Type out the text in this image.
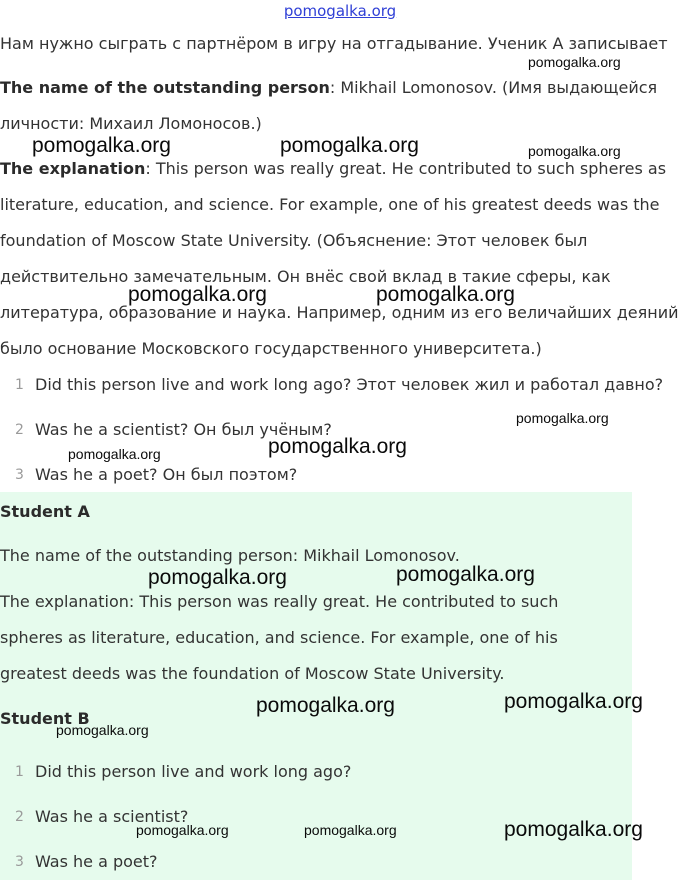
pomogalka.org

Нам нужно сыграть с партнёром в игру на отгадывание. Ученик А записывает

The name of the outstanding person: Mikhail Lomonosov. (Имя выдающейся
личности: Михаил Ломоносов.)

The explanation: This person was really great. He contributed to such spheres as
literature, education, and science. For example, one of his greatest deeds was the
foundation of Moscow State University. (Объяснение: Этот человек был
действительно замечательным. Он внёс свой вклад в такие сферы, как
литература, образование и наука. Например, одним из его величайших деяний
было основание Московского государственного университета.)

1 Did this person live and work long ago? Этот человек жил и работал давно?
2 Was he a scientist? Он был учёным?
3 Was he a poet? Он был поэтом?
Student A

The name of the outstanding person: Mikhail Lomonosov.

The explanation: This person was really great. He contributed to such
spheres as literature, education, and science. For example, one of his
greatest deeds was the foundation of Moscow State University.

Student B
1 Did this person live and work long ago?
2 Was he a scientist?
3 Was he a poet?
pomogalka.org
pomogalka.org	pomogalka.org	pomogalka.org
pomogalka.org	pomogalka.org
pomogalka.org
pomogalka.org
pomogalka.org
pomogalka.org	pomogalka.org
pomogalka.org	pomogalka.org
pomogalka.org
pomogalka.org	pomogalka.org	pomogalka.org
